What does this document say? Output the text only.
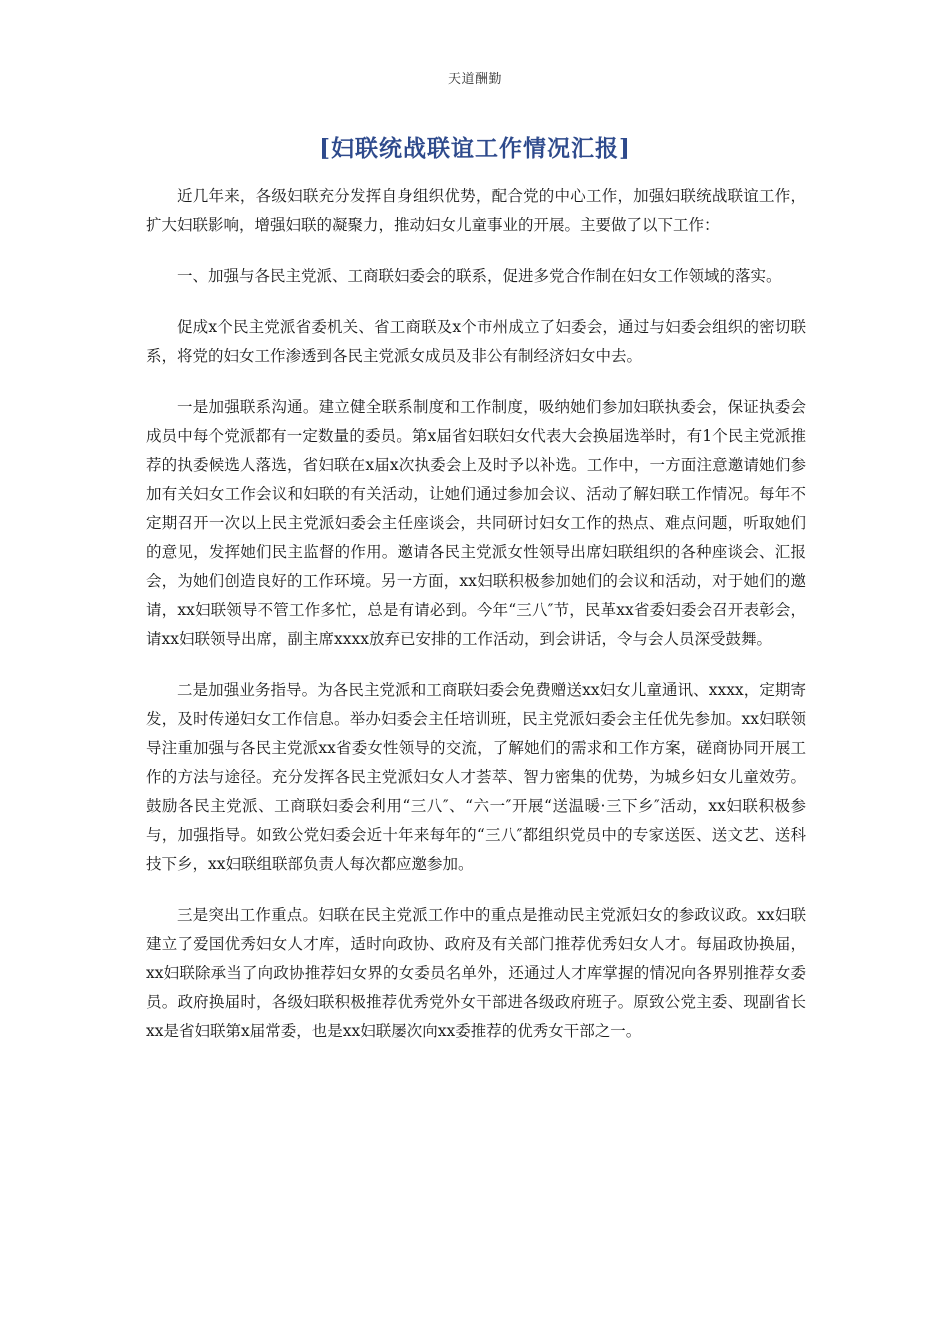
天道酬勤
[妇联统战联谊工作情况汇报]

近几年来，各级妇联充分发挥自身组织优势，配合党的中心工作，加强妇联统战联谊工作，扩大妇联影响，增强妇联的凝聚力，推动妇女儿童事业的开展。主要做了以下工作：

一、加强与各民主党派、工商联妇委会的联系，促进多党合作制在妇女工作领域的落实。

促成x个民主党派省委机关、省工商联及x个市州成立了妇委会，通过与妇委会组织的密切联系，将党的妇女工作渗透到各民主党派女成员及非公有制经济妇女中去。

一是加强联系沟通。建立健全联系制度和工作制度，吸纳她们参加妇联执委会，保证执委会成员中每个党派都有一定数量的委员。第x届省妇联妇女代表大会换届选举时，有1个民主党派推荐的执委候选人落选，省妇联在x届x次执委会上及时予以补选。工作中，一方面注意邀请她们参加有关妇女工作会议和妇联的有关活动，让她们通过参加会议、活动了解妇联工作情况。每年不定期召开一次以上民主党派妇委会主任座谈会，共同研讨妇女工作的热点、难点问题，听取她们的意见，发挥她们民主监督的作用。邀请各民主党派女性领导出席妇联组织的各种座谈会、汇报会，为她们创造良好的工作环境。另一方面，xx妇联积极参加她们的会议和活动，对于她们的邀请，xx妇联领导不管工作多忙，总是有请必到。今年“三八″节，民革xx省委妇委会召开表彰会，请xx妇联领导出席，副主席xxxx放弃已安排的工作活动，到会讲话，令与会人员深受鼓舞。

二是加强业务指导。为各民主党派和工商联妇委会免费赠送xx妇女儿童通讯、xxxx，定期寄发，及时传递妇女工作信息。举办妇委会主任培训班，民主党派妇委会主任优先参加。xx妇联领导注重加强与各民主党派xx省委女性领导的交流，了解她们的需求和工作方案，磋商协同开展工作的方法与途径。充分发挥各民主党派妇女人才荟萃、智力密集的优势，为城乡妇女儿童效劳。鼓励各民主党派、工商联妇委会利用“三八″、“六一″开展“送温暖·三下乡″活动，xx妇联积极参与，加强指导。如致公党妇委会近十年来每年的“三八″都组织党员中的专家送医、送文艺、送科技下乡，xx妇联组联部负责人每次都应邀参加。

三是突出工作重点。妇联在民主党派工作中的重点是推动民主党派妇女的参政议政。xx妇联建立了爱国优秀妇女人才库，适时向政协、政府及有关部门推荐优秀妇女人才。每届政协换届，xx妇联除承当了向政协推荐妇女界的女委员名单外，还通过人才库掌握的情况向各界别推荐女委员。政府换届时，各级妇联积极推荐优秀党外女干部进各级政府班子。原致公党主委、现副省长xx是省妇联第x届常委，也是xx妇联屡次向xx委推荐的优秀女干部之一。
